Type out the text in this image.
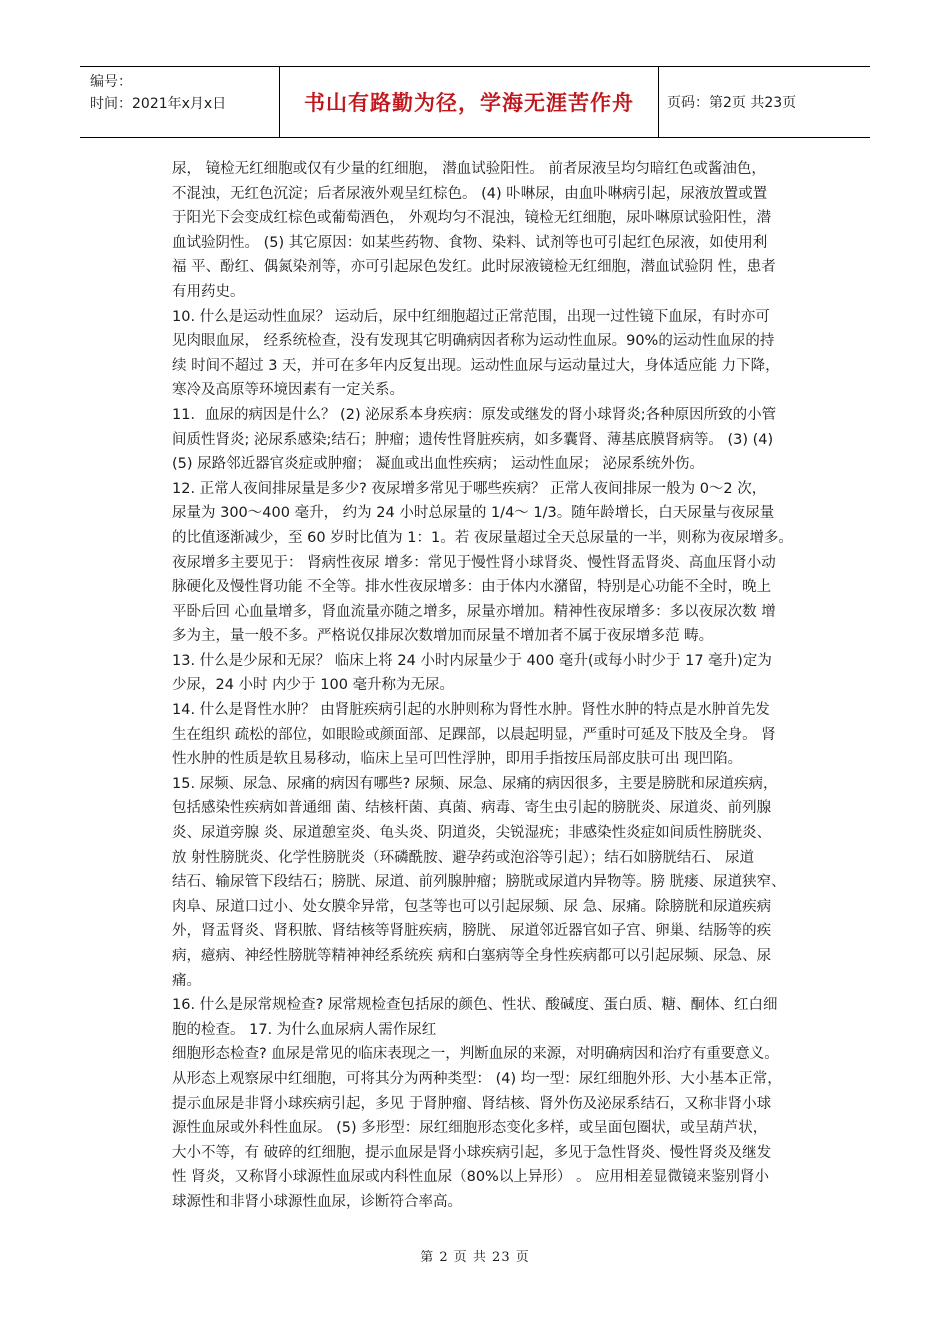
编号：
时间：2021年x月x日	书山有路勤为径，学海无涯苦作舟 页码：第2页 共23页
尿， 镜检无红细胞或仅有少量的红细胞， 潜血试验阳性。 前者尿液呈均匀暗红色或酱油色，
不混浊，无红色沉淀；后者尿液外观呈红棕色。 (4) 卟啉尿，由血卟啉病引起，尿液放置或置
于阳光下会变成红棕色或葡萄酒色， 外观均匀不混浊，镜检无红细胞，尿卟啉原试验阳性，潜
血试验阴性。 (5) 其它原因：如某些药物、食物、染料、试剂等也可引起红色尿液，如使用利
福 平、酚红、偶氮染剂等，亦可引起尿色发红。此时尿液镜检无红细胞，潜血试验阴 性，患者
有用药史。
10. 什么是运动性血尿？ 运动后，尿中红细胞超过正常范围，出现一过性镜下血尿，有时亦可
见肉眼血尿， 经系统检查，没有发现其它明确病因者称为运动性血尿。90%的运动性血尿的持
续 时间不超过 3 天，并可在多年内反复出现。运动性血尿与运动量过大，身体适应能 力下降，
寒冷及高原等环境因素有一定关系。
11．血尿的病因是什么？ (2) 泌尿系本身疾病：原发或继发的肾小球肾炎;各种原因所致的小管
间质性肾炎; 泌尿系感染;结石；肿瘤；遗传性肾脏疾病，如多囊肾、薄基底膜肾病等。 (3) (4)
(5) 尿路邻近器官炎症或肿瘤； 凝血或出血性疾病； 运动性血尿； 泌尿系统外伤。
12. 正常人夜间排尿量是多少? 夜尿增多常见于哪些疾病？ 正常人夜间排尿一般为 0～2 次，
尿量为 300～400 毫升， 约为 24 小时总尿量的 1/4～ 1/3。随年龄增长，白天尿量与夜尿量
的比值逐渐减少，至 60 岁时比值为 1：1。若 夜尿量超过全天总尿量的一半，则称为夜尿增多。
夜尿增多主要见于： 肾病性夜尿 增多：常见于慢性肾小球肾炎、慢性肾盂肾炎、高血压肾小动
脉硬化及慢性肾功能 不全等。排水性夜尿增多：由于体内水潴留，特别是心功能不全时，晚上
平卧后回 心血量增多，肾血流量亦随之增多，尿量亦增加。精神性夜尿增多：多以夜尿次数 增
多为主，量一般不多。严格说仅排尿次数增加而尿量不增加者不属于夜尿增多范 畴。
13. 什么是少尿和无尿？ 临床上将 24 小时内尿量少于 400 毫升(或每小时少于 17 毫升)定为
少尿，24 小时 内少于 100 毫升称为无尿。
14. 什么是肾性水肿？ 由肾脏疾病引起的水肿则称为肾性水肿。肾性水肿的特点是水肿首先发
生在组织 疏松的部位，如眼睑或颜面部、足踝部，以晨起明显，严重时可延及下肢及全身。 肾
性水肿的性质是软且易移动，临床上呈可凹性浮肿，即用手指按压局部皮肤可出 现凹陷。
15. 尿频、尿急、尿痛的病因有哪些? 尿频、尿急、尿痛的病因很多，主要是膀胱和尿道疾病，
包括感染性疾病如普通细 菌、结核杆菌、真菌、病毒、寄生虫引起的膀胱炎、尿道炎、前列腺
炎、尿道旁腺 炎、尿道憩室炎、龟头炎、阴道炎，尖锐湿疣；非感染性炎症如间质性膀胱炎、
放 射性膀胱炎、化学性膀胱炎（环磷酰胺、避孕药或泡浴等引起）；结石如膀胱结石、 尿道
结石、输尿管下段结石；膀胱、尿道、前列腺肿瘤；膀胱或尿道内异物等。膀 胱瘘、尿道狭窄、
肉阜、尿道口过小、处女膜伞异常，包茎等也可以引起尿频、尿 急、尿痛。除膀胱和尿道疾病
外，肾盂肾炎、肾积脓、肾结核等肾脏疾病，膀胱、 尿道邻近器官如子宫、卵巢、结肠等的疾
病，癔病、神经性膀胱等精神神经系统疾 病和白塞病等全身性疾病都可以引起尿频、尿急、尿
痛。
16. 什么是尿常规检查? 尿常规检查包括尿的颜色、性状、酸碱度、蛋白质、糖、酮体、红白细
胞的检查。 17. 为什么血尿病人需作尿红
细胞形态检查? 血尿是常见的临床表现之一，判断血尿的来源，对明确病因和治疗有重要意义。
从形态上观察尿中红细胞，可将其分为两种类型： (4) 均一型：尿红细胞外形、大小基本正常，
提示血尿是非肾小球疾病引起，多见 于肾肿瘤、肾结核、肾外伤及泌尿系结石，又称非肾小球
源性血尿或外科性血尿。 (5) 多形型：尿红细胞形态变化多样，或呈面包圈状，或呈葫芦状，
大小不等，有 破碎的红细胞，提示血尿是肾小球疾病引起，多见于急性肾炎、慢性肾炎及继发
性 肾炎，又称肾小球源性血尿或内科性血尿（80%以上异形） 。 应用相差显微镜来鉴别肾小
球源性和非肾小球源性血尿，诊断符合率高。
第 2 页 共 23 页
